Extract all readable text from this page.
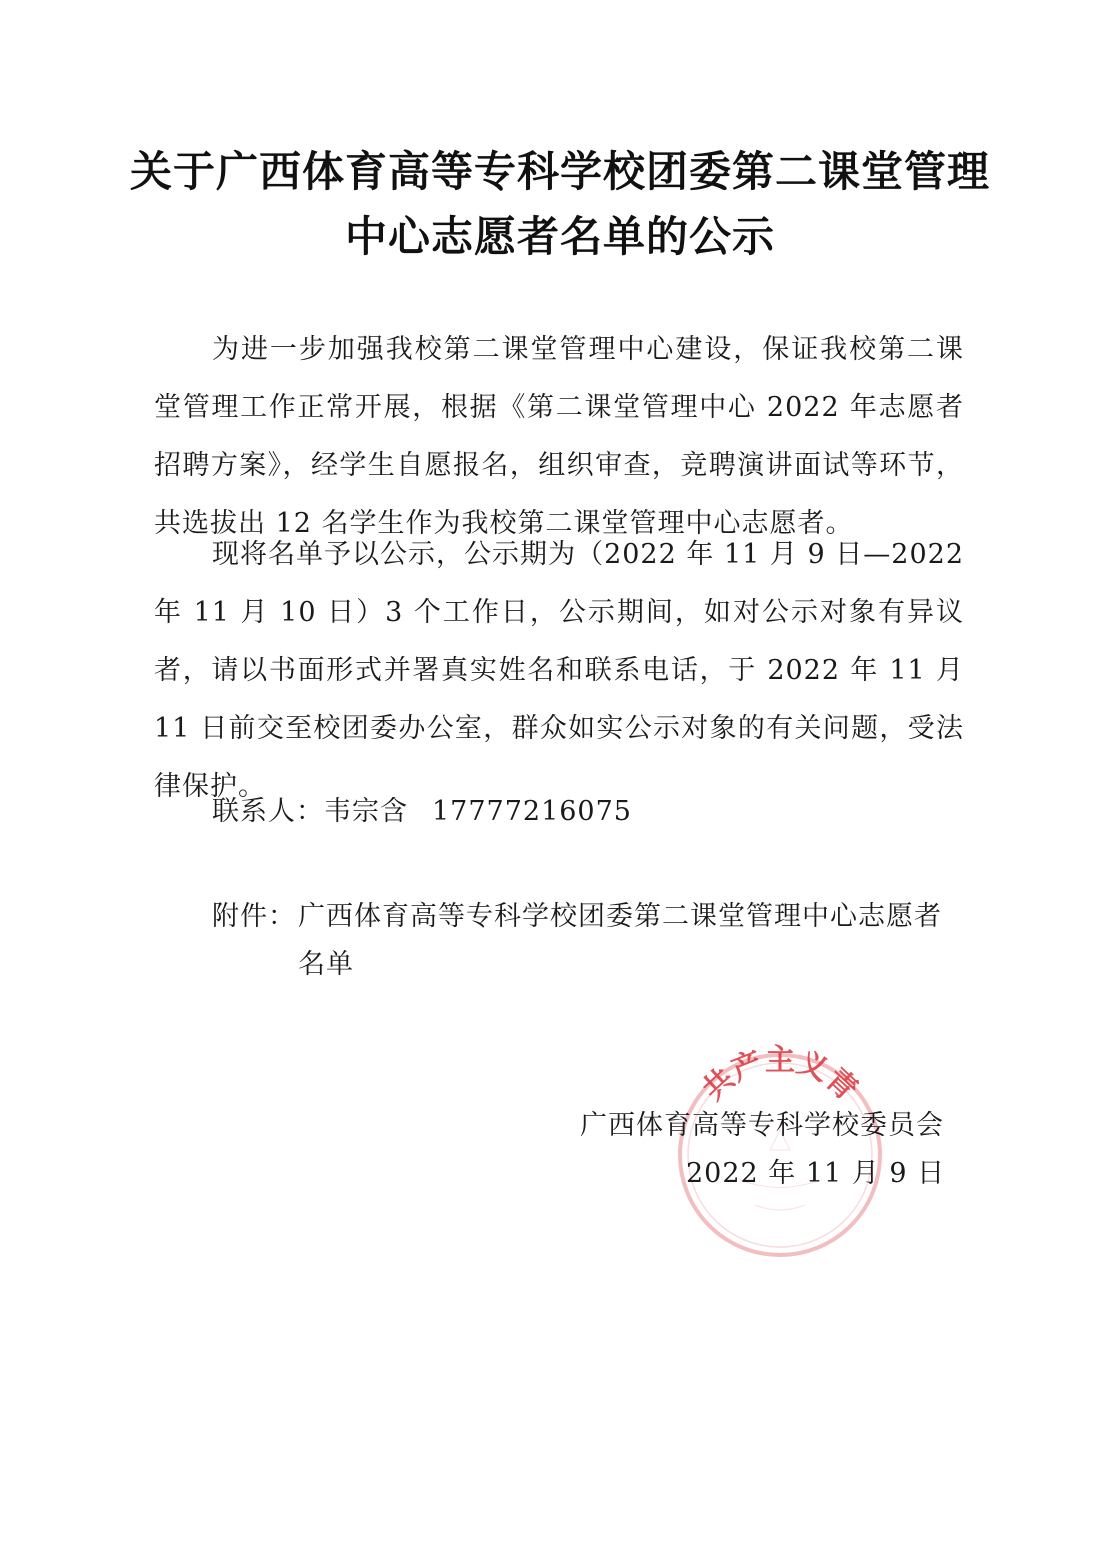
关于广西体育高等专科学校团委第二课堂管理
中心志愿者名单的公示
为进一步加强我校第二课堂管理中心建设，保证我校第二课堂管理工作正常开展，根据《第二课堂管理中心 2022 年志愿者招聘方案》，经学生自愿报名，组织审查，竞聘演讲面试等环节，共选拔出 12 名学生作为我校第二课堂管理中心志愿者。
现将名单予以公示，公示期为（2022 年 11 月 9 日—2022 年 11 月 10 日）3 个工作日，公示期间，如对公示对象有异议者，请以书面形式并署真实姓名和联系电话，于 2022 年 11 月 11 日前交至校团委办公室，群众如实公示对象的有关问题，受法律保护。
联系人：韦宗含 17777216075
附件： 广西体育高等专科学校团委第二课堂管理中心志愿者名单
共产主义青
广西体育高等专科学校委员会
2022 年 11 月 9 日
